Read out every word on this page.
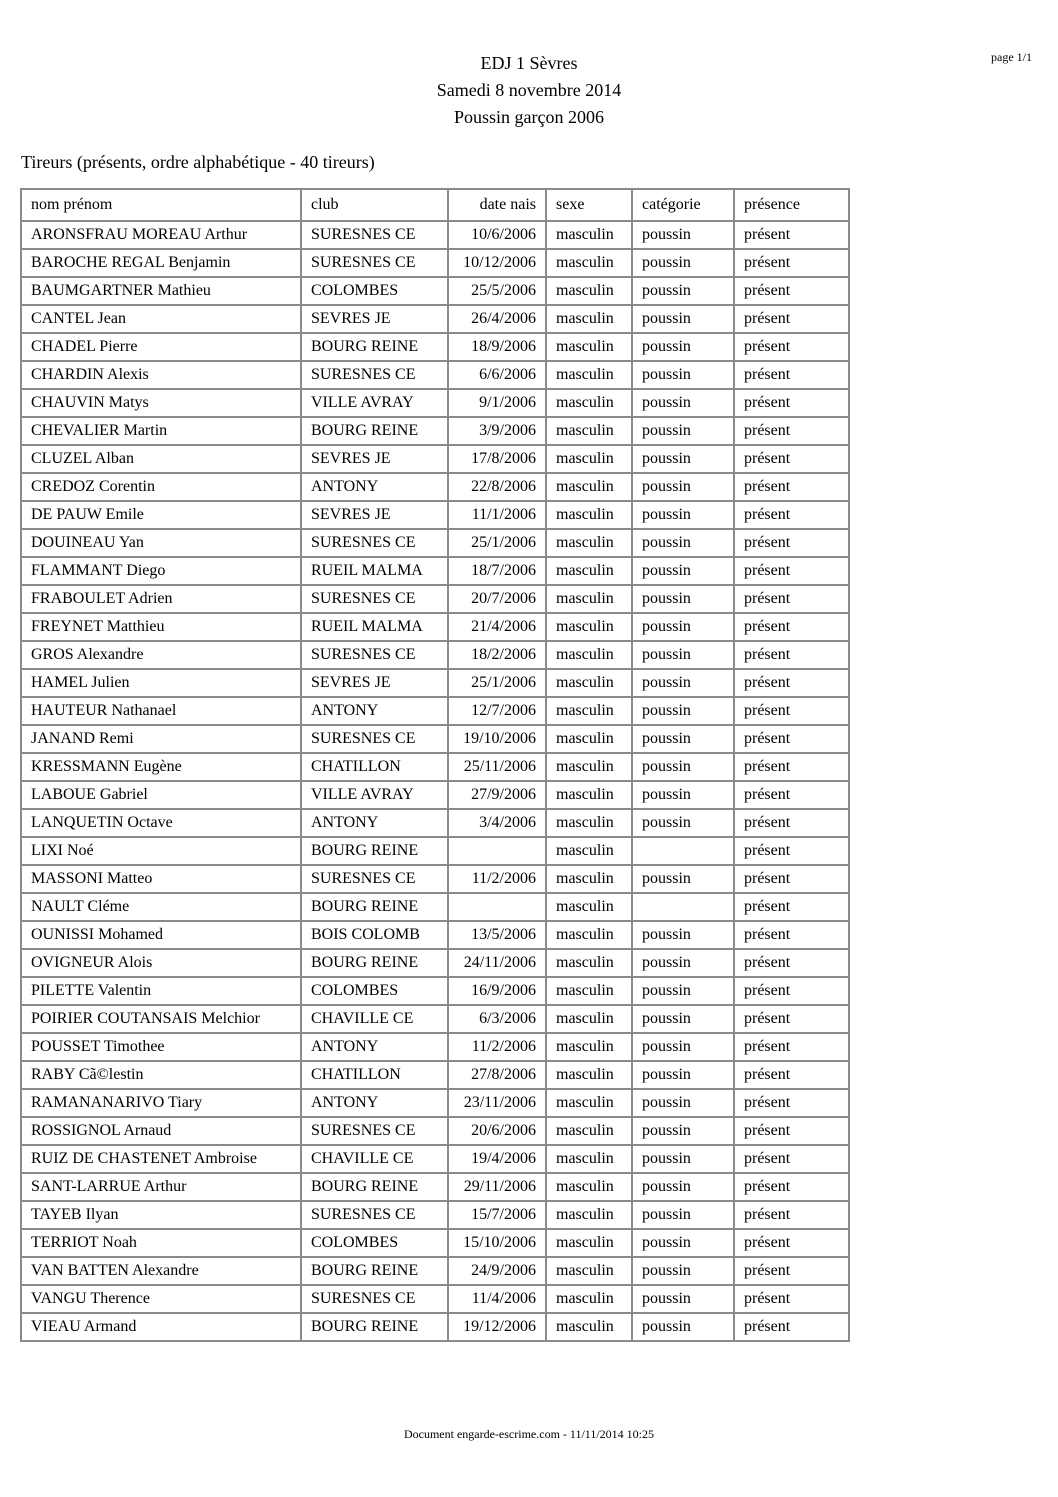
page 1/1
EDJ 1 Sèvres
Samedi 8 novembre 2014
Poussin garçon 2006
Tireurs (présents, ordre alphabétique - 40 tireurs)
nom prénom	club	date nais	sexe	catégorie	présence
ARONSFRAU MOREAU Arthur	SURESNES CE	10/6/2006	masculin	poussin	présent
BAROCHE REGAL Benjamin	SURESNES CE	10/12/2006	masculin	poussin	présent
BAUMGARTNER Mathieu	COLOMBES	25/5/2006	masculin	poussin	présent
CANTEL Jean	SEVRES JE	26/4/2006	masculin	poussin	présent
CHADEL Pierre	BOURG REINE	18/9/2006	masculin	poussin	présent
CHARDIN Alexis	SURESNES CE	6/6/2006	masculin	poussin	présent
CHAUVIN Matys	VILLE AVRAY	9/1/2006	masculin	poussin	présent
CHEVALIER Martin	BOURG REINE	3/9/2006	masculin	poussin	présent
CLUZEL Alban	SEVRES JE	17/8/2006	masculin	poussin	présent
CREDOZ Corentin	ANTONY	22/8/2006	masculin	poussin	présent
DE PAUW Emile	SEVRES JE	11/1/2006	masculin	poussin	présent
DOUINEAU Yan	SURESNES CE	25/1/2006	masculin	poussin	présent
FLAMMANT Diego	RUEIL MALMA	18/7/2006	masculin	poussin	présent
FRABOULET Adrien	SURESNES CE	20/7/2006	masculin	poussin	présent
FREYNET Matthieu	RUEIL MALMA	21/4/2006	masculin	poussin	présent
GROS Alexandre	SURESNES CE	18/2/2006	masculin	poussin	présent
HAMEL Julien	SEVRES JE	25/1/2006	masculin	poussin	présent
HAUTEUR Nathanael	ANTONY	12/7/2006	masculin	poussin	présent
JANAND Remi	SURESNES CE	19/10/2006	masculin	poussin	présent
KRESSMANN Eugène	CHATILLON	25/11/2006	masculin	poussin	présent
LABOUE Gabriel	VILLE AVRAY	27/9/2006	masculin	poussin	présent
LANQUETIN Octave	ANTONY	3/4/2006	masculin	poussin	présent
LIXI Noé	BOURG REINE		masculin		présent
MASSONI Matteo	SURESNES CE	11/2/2006	masculin	poussin	présent
NAULT Cléme	BOURG REINE		masculin		présent
OUNISSI Mohamed	BOIS COLOMB	13/5/2006	masculin	poussin	présent
OVIGNEUR Alois	BOURG REINE	24/11/2006	masculin	poussin	présent
PILETTE Valentin	COLOMBES	16/9/2006	masculin	poussin	présent
POIRIER COUTANSAIS Melchior	CHAVILLE CE	6/3/2006	masculin	poussin	présent
POUSSET Timothee	ANTONY	11/2/2006	masculin	poussin	présent
RABY Cã©lestin	CHATILLON	27/8/2006	masculin	poussin	présent
RAMANANARIVO Tiary	ANTONY	23/11/2006	masculin	poussin	présent
ROSSIGNOL Arnaud	SURESNES CE	20/6/2006	masculin	poussin	présent
RUIZ DE CHASTENET Ambroise	CHAVILLE CE	19/4/2006	masculin	poussin	présent
SANT-LARRUE Arthur	BOURG REINE	29/11/2006	masculin	poussin	présent
TAYEB Ilyan	SURESNES CE	15/7/2006	masculin	poussin	présent
TERRIOT Noah	COLOMBES	15/10/2006	masculin	poussin	présent
VAN BATTEN Alexandre	BOURG REINE	24/9/2006	masculin	poussin	présent
VANGU Therence	SURESNES CE	11/4/2006	masculin	poussin	présent
VIEAU Armand	BOURG REINE	19/12/2006	masculin	poussin	présent
Document engarde-escrime.com - 11/11/2014 10:25
